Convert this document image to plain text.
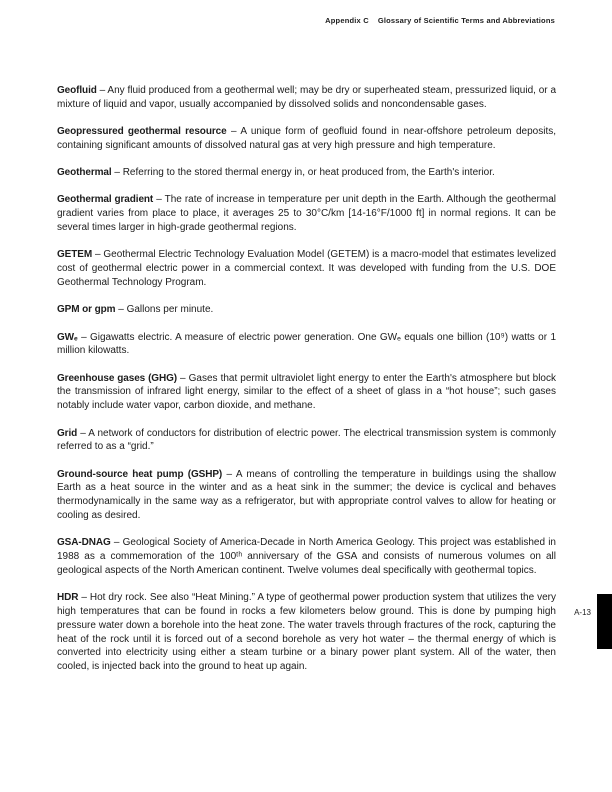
Appendix C Glossary of Scientific Terms and Abbreviations

Geofluid – Any fluid produced from a geothermal well; may be dry or superheated steam, pressurized liquid, or a mixture of liquid and vapor, usually accompanied by dissolved solids and noncondensable gases.

Geopressured geothermal resource – A unique form of geofluid found in near-offshore petroleum deposits, containing significant amounts of dissolved natural gas at very high pressure and high temperature.

Geothermal – Referring to the stored thermal energy in, or heat produced from, the Earth's interior.

Geothermal gradient – The rate of increase in temperature per unit depth in the Earth. Although the geothermal gradient varies from place to place, it averages 25 to 30°C/km [14-16°F/1000 ft] in normal regions. It can be several times larger in high-grade geothermal regions.

GETEM – Geothermal Electric Technology Evaluation Model (GETEM) is a macro-model that estimates levelized cost of geothermal electric power in a commercial context. It was developed with funding from the U.S. DOE Geothermal Technology Program.

GPM or gpm – Gallons per minute.

GWₑ – Gigawatts electric. A measure of electric power generation. One GWₑ equals one billion (10⁹) watts or 1 million kilowatts.

Greenhouse gases (GHG) – Gases that permit ultraviolet light energy to enter the Earth's atmosphere but block the transmission of infrared light energy, similar to the effect of a sheet of glass in a “hot house”; such gases notably include water vapor, carbon dioxide, and methane.

Grid – A network of conductors for distribution of electric power. The electrical transmission system is commonly referred to as a “grid.”

Ground-source heat pump (GSHP) – A means of controlling the temperature in buildings using the shallow Earth as a heat source in the winter and as a heat sink in the summer; the device is cyclical and behaves thermodynamically in the same way as a refrigerator, but with appropriate control valves to allow for heating or cooling as desired.

GSA-DNAG – Geological Society of America-Decade in North America Geology. This project was established in 1988 as a commemoration of the 100ᵗʰ anniversary of the GSA and consists of numerous volumes on all geological aspects of the North American continent. Twelve volumes deal specifically with geothermal topics.

HDR – Hot dry rock. See also “Heat Mining.” A type of geothermal power production system that utilizes the very high temperatures that can be found in rocks a few kilometers below ground. This is done by pumping high pressure water down a borehole into the heat zone. The water travels through fractures of the rock, capturing the heat of the rock until it is forced out of a second borehole as very hot water – the thermal energy of which is converted into electricity using either a steam turbine or a binary power plant system. All of the water, then cooled, is injected back into the ground to heat up again.

A-13
